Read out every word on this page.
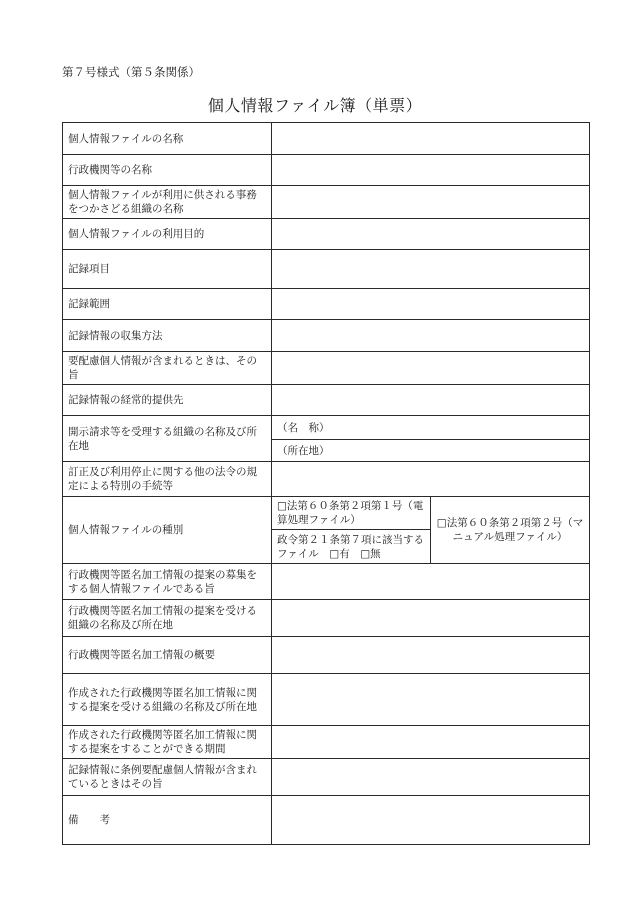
第７号様式（第５条関係）
個人情報ファイル簿（単票）
個人情報ファイルの名称		
行政機関等の名称		
個人情報ファイルが利用に供される事務をつかさどる組織の名称		
個人情報ファイルの利用目的		
記録項目		
記録範囲		
記録情報の収集方法		
要配慮個人情報が含まれるときは、その旨		
記録情報の経常的提供先		
開示請求等を受理する組織の名称及び所在地	（名　称）	
	（所在地）	
訂正及び利用停止に関する他の法令の規定による特別の手続等		
個人情報ファイルの種別	□法第６０条第２項第１号（電算処理ファイル）	□法第６０条第２項第２号（マニュアル処理ファイル）
	政令第２１条第７項に該当するファイル　□有　□無	
行政機関等匿名加工情報の提案の募集をする個人情報ファイルである旨		
行政機関等匿名加工情報の提案を受ける組織の名称及び所在地		
行政機関等匿名加工情報の概要		
作成された行政機関等匿名加工情報に関する提案を受ける組織の名称及び所在地		
作成された行政機関等匿名加工情報に関する提案をすることができる期間		
記録情報に条例要配慮個人情報が含まれているときはその旨		
備　　考		
